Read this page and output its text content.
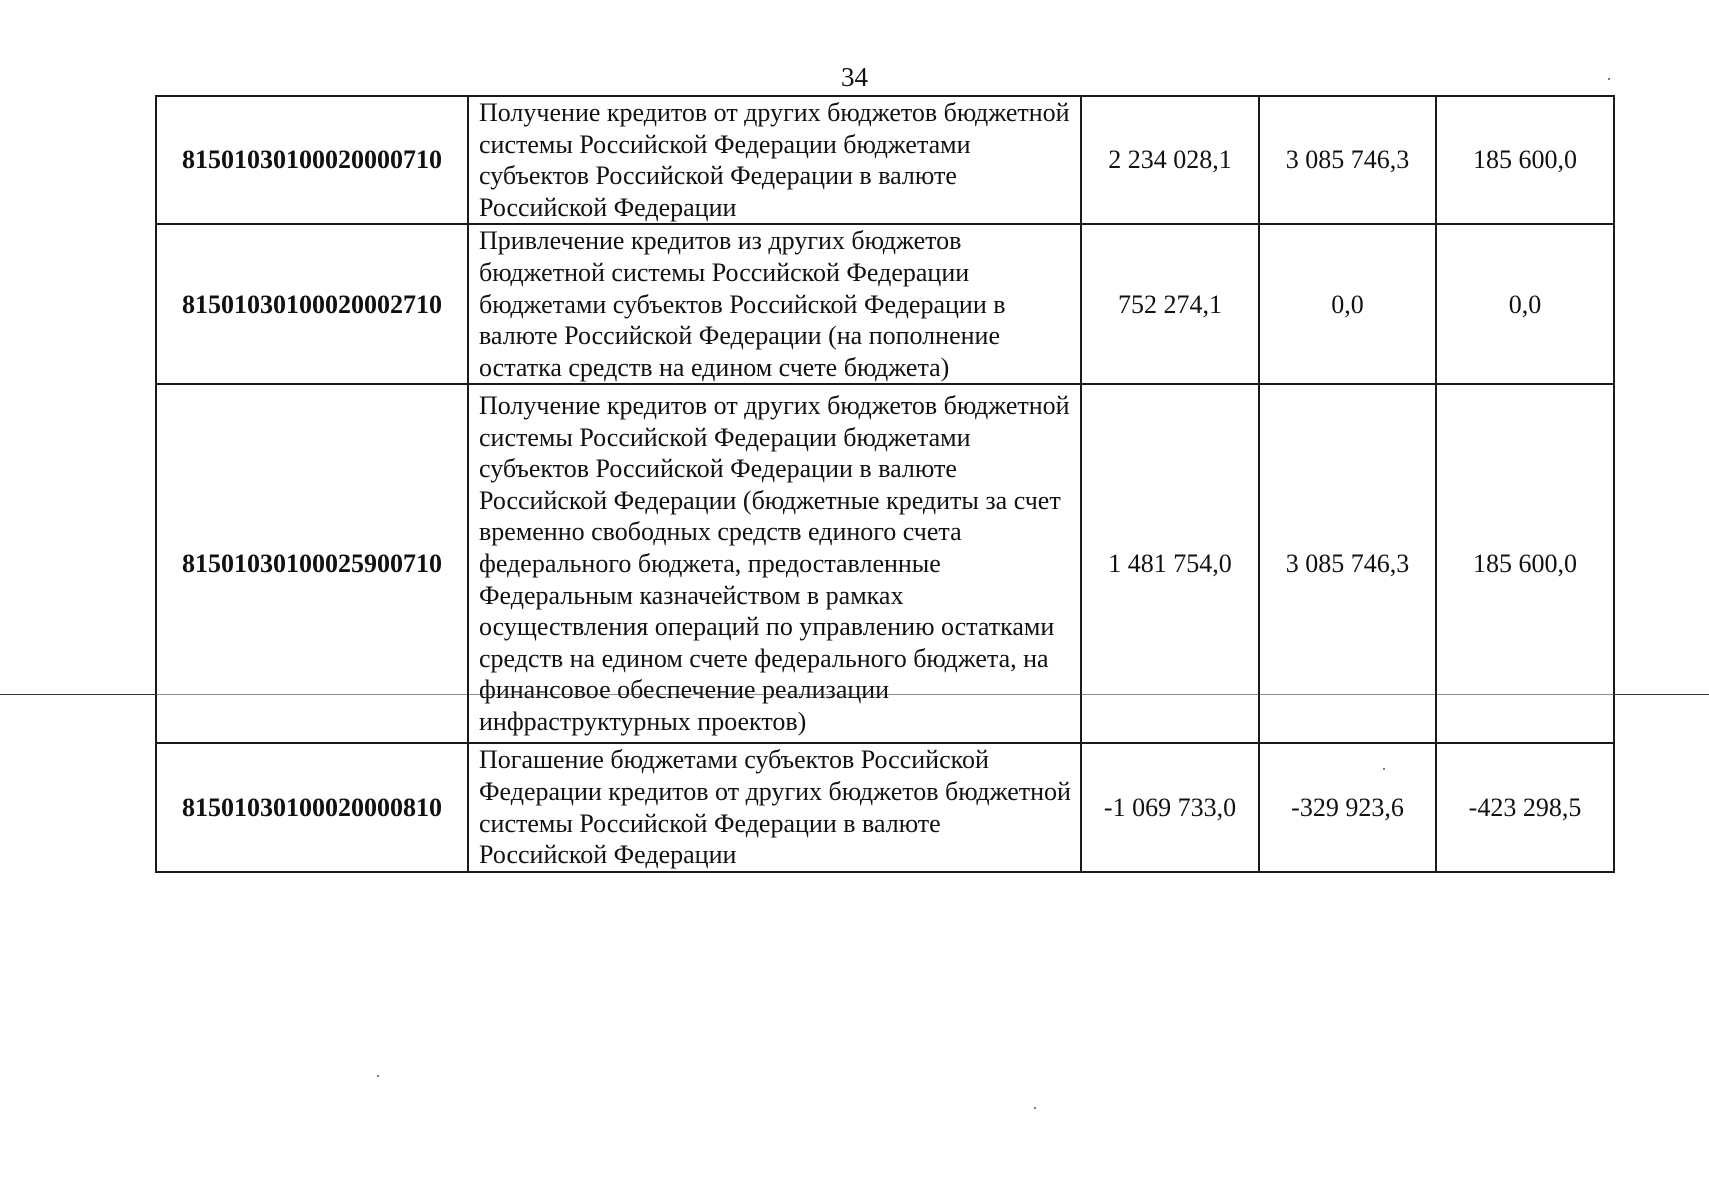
34
81501030100020000710	Получение кредитов от других бюджетов бюджетной системы Российской Федерации бюджетами субъектов Российской Федерации в валюте Российской Федерации	2 234 028,1	3 085 746,3	185 600,0
81501030100020002710	Привлечение кредитов из других бюджетов бюджетной системы Российской Федерации бюджетами субъектов Российской Федерации в валюте Российской Федерации (на пополнение остатка средств на едином счете бюджета)	752 274,1	0,0	0,0
81501030100025900710	Получение кредитов от других бюджетов бюджетной системы Российской Федерации бюджетами субъектов Российской Федерации в валюте Российской Федерации (бюджетные кредиты за счет временно свободных средств единого счета федерального бюджета, предоставленные Федеральным казначейством в рамках осуществления операций по управлению остатками средств на едином счете федерального бюджета, на финансовое обеспечение реализации инфраструктурных проектов)	1 481 754,0	3 085 746,3	185 600,0
81501030100020000810	Погашение бюджетами субъектов Российской Федерации кредитов от других бюджетов бюджетной системы Российской Федерации в валюте Российской Федерации	-1 069 733,0	-329 923,6	-423 298,5
